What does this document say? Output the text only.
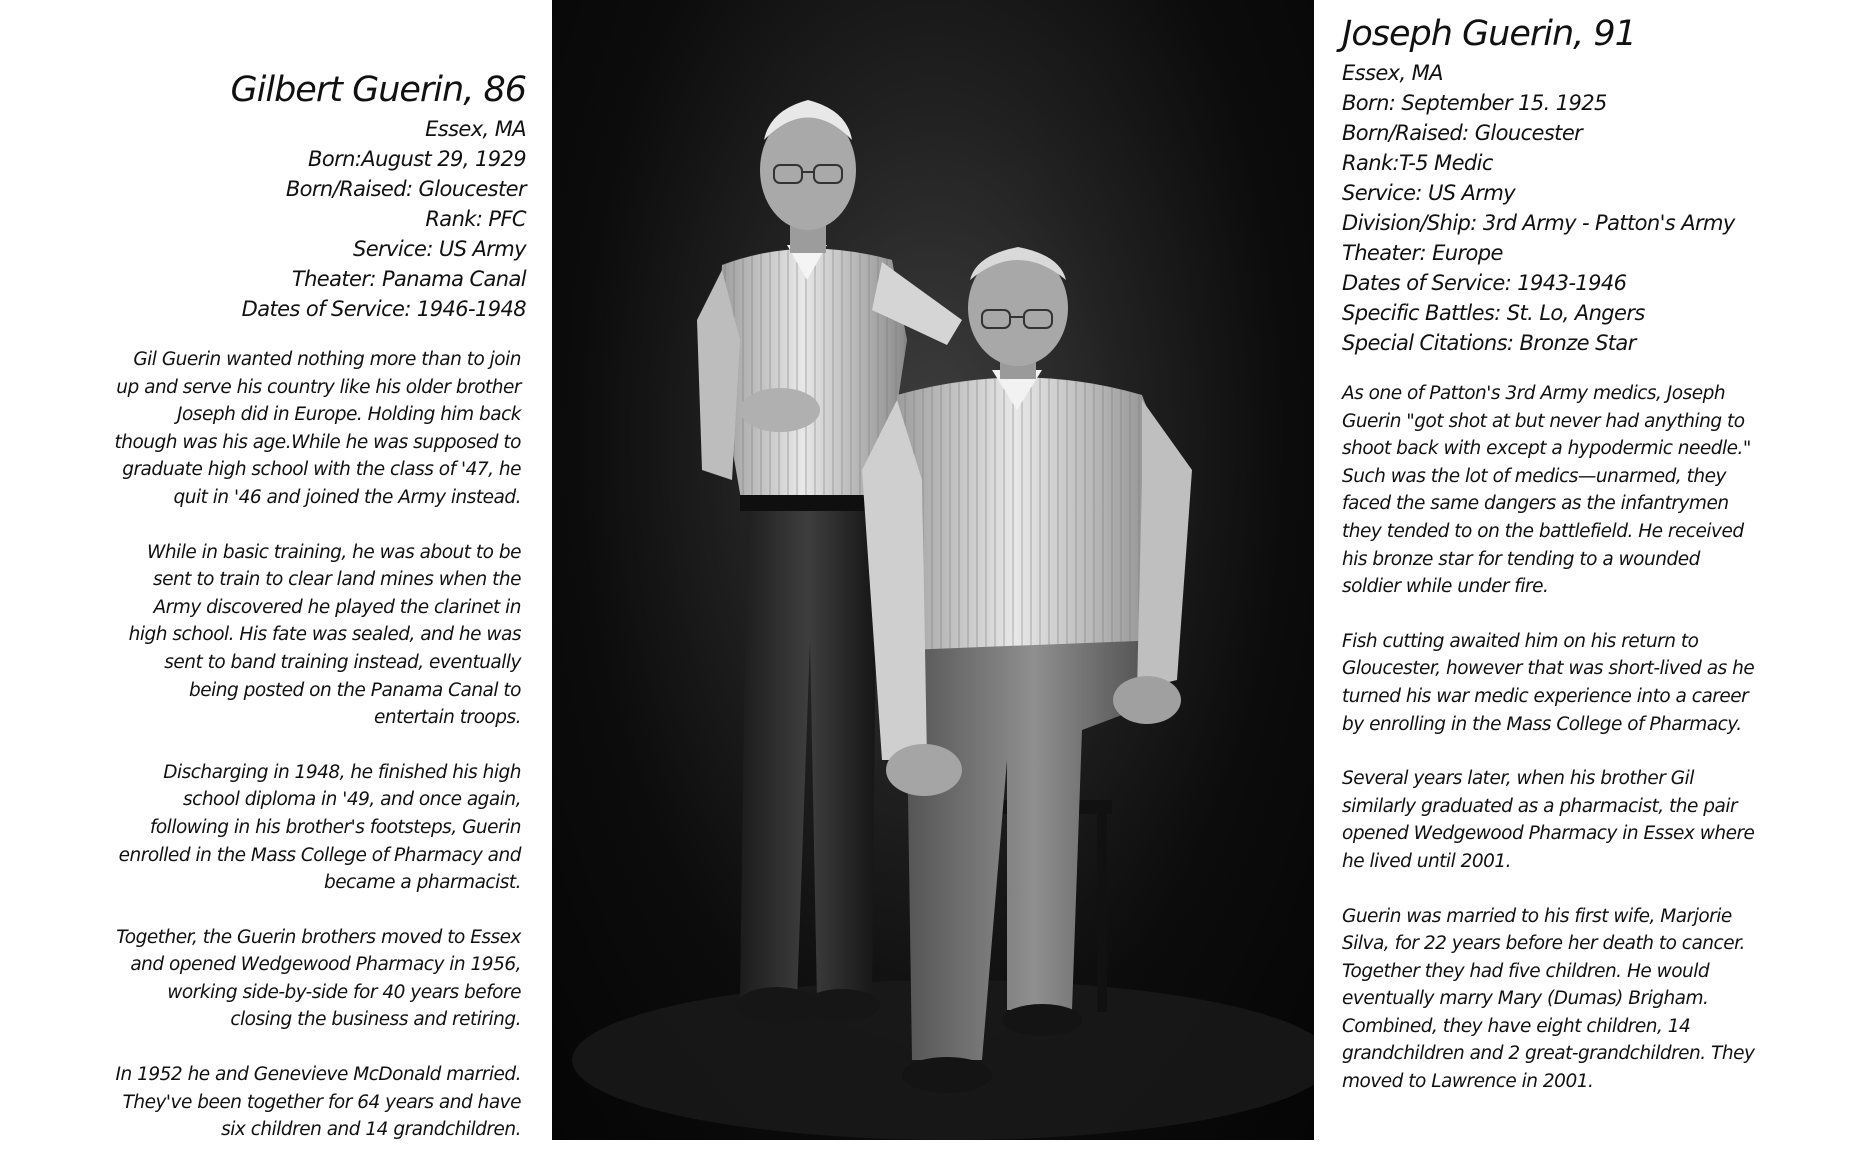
Gilbert Guerin, 86
Essex, MA
Born:August 29, 1929
Born/Raised: Gloucester
Rank: PFC
Service: US Army
Theater: Panama Canal
Dates of Service: 1946-1948

Gil Guerin wanted nothing more than to join up and serve his country like his older brother Joseph did in Europe. Holding him back though was his age.While he was supposed to graduate high school with the class of '47, he quit in '46 and joined the Army instead.

While in basic training, he was about to be sent to train to clear land mines when the Army discovered he played the clarinet in high school. His fate was sealed, and he was sent to band training instead, eventually being posted on the Panama Canal to entertain troops.

Discharging in 1948, he finished his high school diploma in '49, and once again, following in his brother's footsteps, Guerin enrolled in the Mass College of Pharmacy and became a pharmacist.

Together, the Guerin brothers moved to Essex and opened Wedgewood Pharmacy in 1956, working side-by-side for 40 years before closing the business and retiring.

In 1952 he and Genevieve McDonald married. They've been together for 64 years and have six children and 14 grandchildren.

Joseph Guerin, 91
Essex, MA
Born: September 15. 1925
Born/Raised: Gloucester
Rank:T-5 Medic
Service: US Army
Division/Ship: 3rd Army - Patton's Army
Theater: Europe
Dates of Service: 1943-1946
Specific Battles: St. Lo, Angers
Special Citations: Bronze Star

As one of Patton's 3rd Army medics, Joseph Guerin "got shot at but never had anything to shoot back with except a hypodermic needle." Such was the lot of medics—unarmed, they faced the same dangers as the infantrymen they tended to on the battlefield. He received his bronze star for tending to a wounded soldier while under fire.

Fish cutting awaited him on his return to Gloucester, however that was short-lived as he turned his war medic experience into a career by enrolling in the Mass College of Pharmacy.

Several years later, when his brother Gil similarly graduated as a pharmacist, the pair opened Wedgewood Pharmacy in Essex where he lived until 2001.

Guerin was married to his first wife, Marjorie Silva, for 22 years before her death to cancer. Together they had five children. He would eventually marry Mary (Dumas) Brigham. Combined, they have eight children, 14 grandchildren and 2 great-grandchildren. They moved to Lawrence in 2001.
